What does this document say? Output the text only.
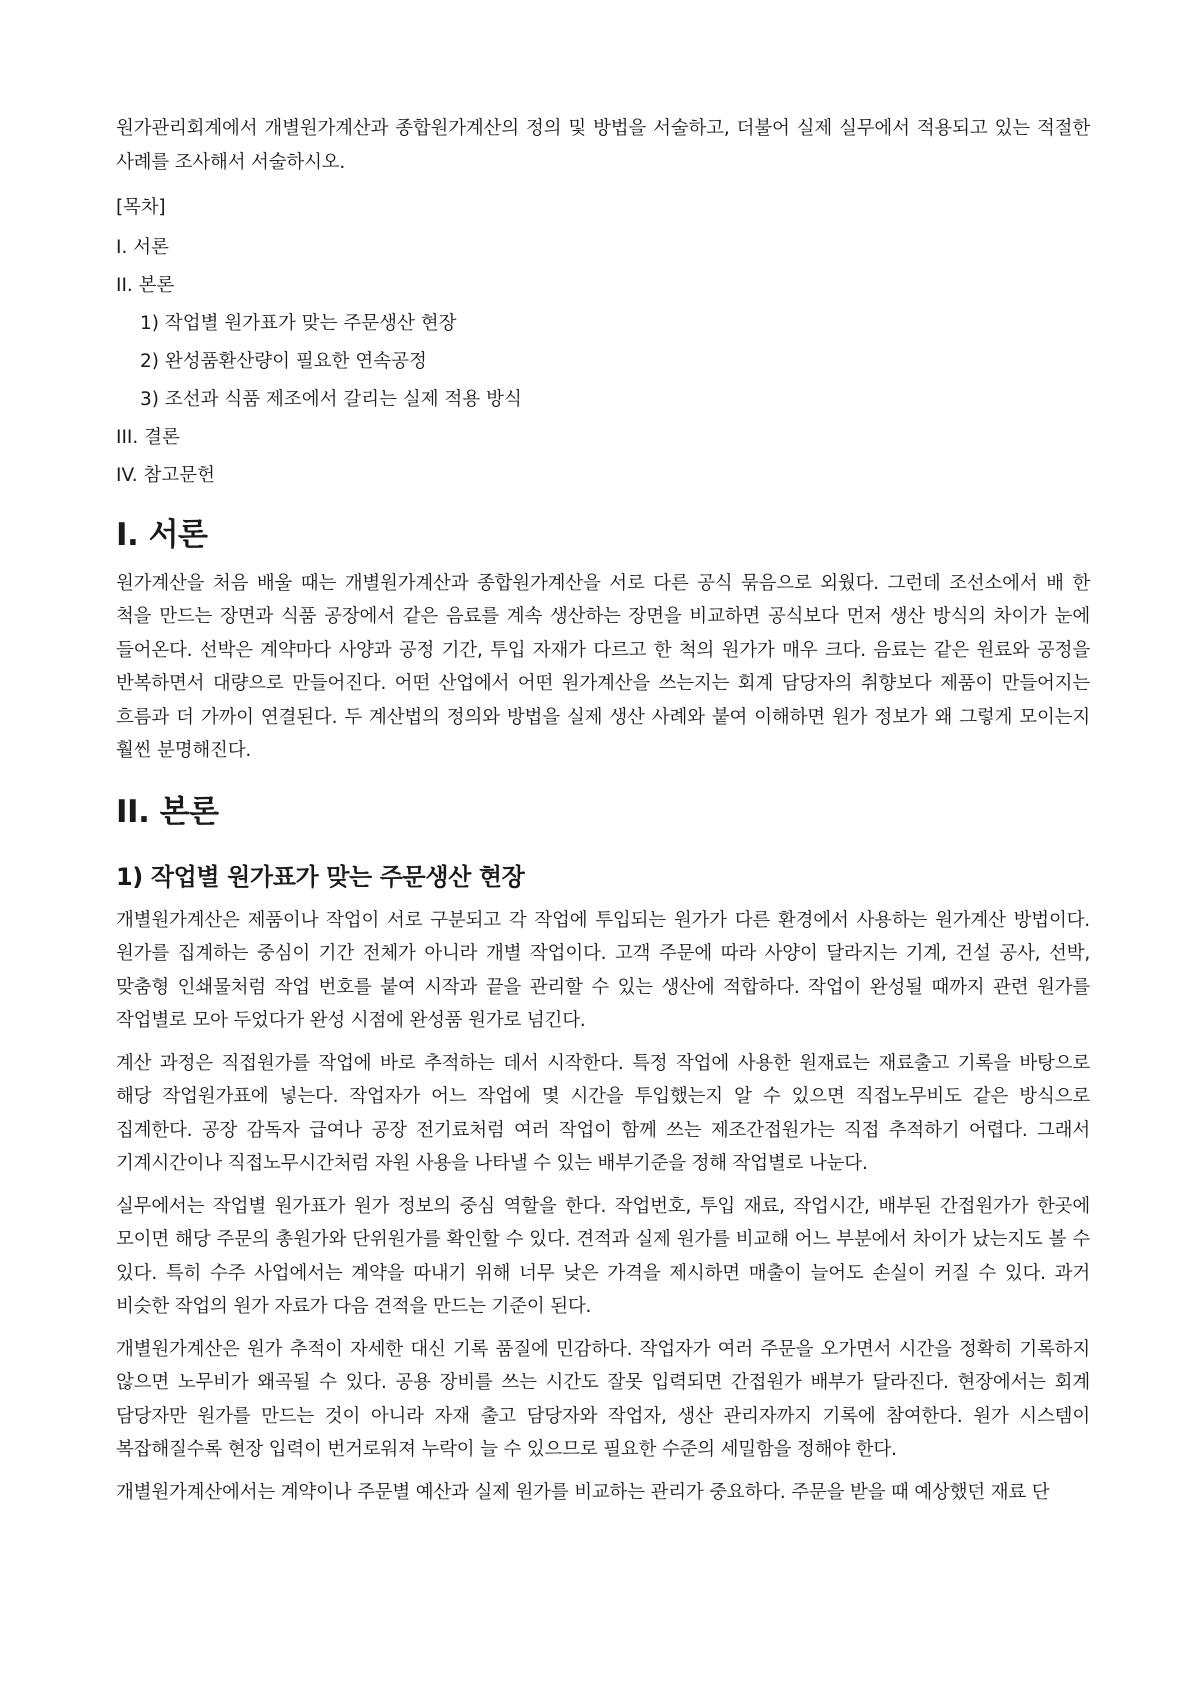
원가관리회계에서 개별원가계산과 종합원가계산의 정의 및 방법을 서술하고, 더불어 실제 실무에서 적용되고 있는 적절한 사례를 조사해서 서술하시오.

[목차]

I. 서론
II. 본론
1) 작업별 원가표가 맞는 주문생산 현장
2) 완성품환산량이 필요한 연속공정
3) 조선과 식품 제조에서 갈리는 실제 적용 방식
III. 결론
IV. 참고문헌
I. 서론

원가계산을 처음 배울 때는 개별원가계산과 종합원가계산을 서로 다른 공식 묶음으로 외웠다. 그런데 조선소에서 배 한 척을 만드는 장면과 식품 공장에서 같은 음료를 계속 생산하는 장면을 비교하면 공식보다 먼저 생산 방식의 차이가 눈에 들어온다. 선박은 계약마다 사양과 공정 기간, 투입 자재가 다르고 한 척의 원가가 매우 크다. 음료는 같은 원료와 공정을 반복하면서 대량으로 만들어진다. 어떤 산업에서 어떤 원가계산을 쓰는지는 회계 담당자의 취향보다 제품이 만들어지는 흐름과 더 가까이 연결된다. 두 계산법의 정의와 방법을 실제 생산 사례와 붙여 이해하면 원가 정보가 왜 그렇게 모이는지 훨씬 분명해진다.

II. 본론
1) 작업별 원가표가 맞는 주문생산 현장

개별원가계산은 제품이나 작업이 서로 구분되고 각 작업에 투입되는 원가가 다른 환경에서 사용하는 원가계산 방법이다. 원가를 집계하는 중심이 기간 전체가 아니라 개별 작업이다. 고객 주문에 따라 사양이 달라지는 기계, 건설 공사, 선박, 맞춤형 인쇄물처럼 작업 번호를 붙여 시작과 끝을 관리할 수 있는 생산에 적합하다. 작업이 완성될 때까지 관련 원가를 작업별로 모아 두었다가 완성 시점에 완성품 원가로 넘긴다.

계산 과정은 직접원가를 작업에 바로 추적하는 데서 시작한다. 특정 작업에 사용한 원재료는 재료출고 기록을 바탕으로 해당 작업원가표에 넣는다. 작업자가 어느 작업에 몇 시간을 투입했는지 알 수 있으면 직접노무비도 같은 방식으로 집계한다. 공장 감독자 급여나 공장 전기료처럼 여러 작업이 함께 쓰는 제조간접원가는 직접 추적하기 어렵다. 그래서 기계시간이나 직접노무시간처럼 자원 사용을 나타낼 수 있는 배부기준을 정해 작업별로 나눈다.

실무에서는 작업별 원가표가 원가 정보의 중심 역할을 한다. 작업번호, 투입 재료, 작업시간, 배부된 간접원가가 한곳에 모이면 해당 주문의 총원가와 단위원가를 확인할 수 있다. 견적과 실제 원가를 비교해 어느 부분에서 차이가 났는지도 볼 수 있다. 특히 수주 사업에서는 계약을 따내기 위해 너무 낮은 가격을 제시하면 매출이 늘어도 손실이 커질 수 있다. 과거 비슷한 작업의 원가 자료가 다음 견적을 만드는 기준이 된다.

개별원가계산은 원가 추적이 자세한 대신 기록 품질에 민감하다. 작업자가 여러 주문을 오가면서 시간을 정확히 기록하지 않으면 노무비가 왜곡될 수 있다. 공용 장비를 쓰는 시간도 잘못 입력되면 간접원가 배부가 달라진다. 현장에서는 회계 담당자만 원가를 만드는 것이 아니라 자재 출고 담당자와 작업자, 생산 관리자까지 기록에 참여한다. 원가 시스템이 복잡해질수록 현장 입력이 번거로워져 누락이 늘 수 있으므로 필요한 수준의 세밀함을 정해야 한다.

개별원가계산에서는 계약이나 주문별 예산과 실제 원가를 비교하는 관리가 중요하다. 주문을 받을 때 예상했던 재료 단
